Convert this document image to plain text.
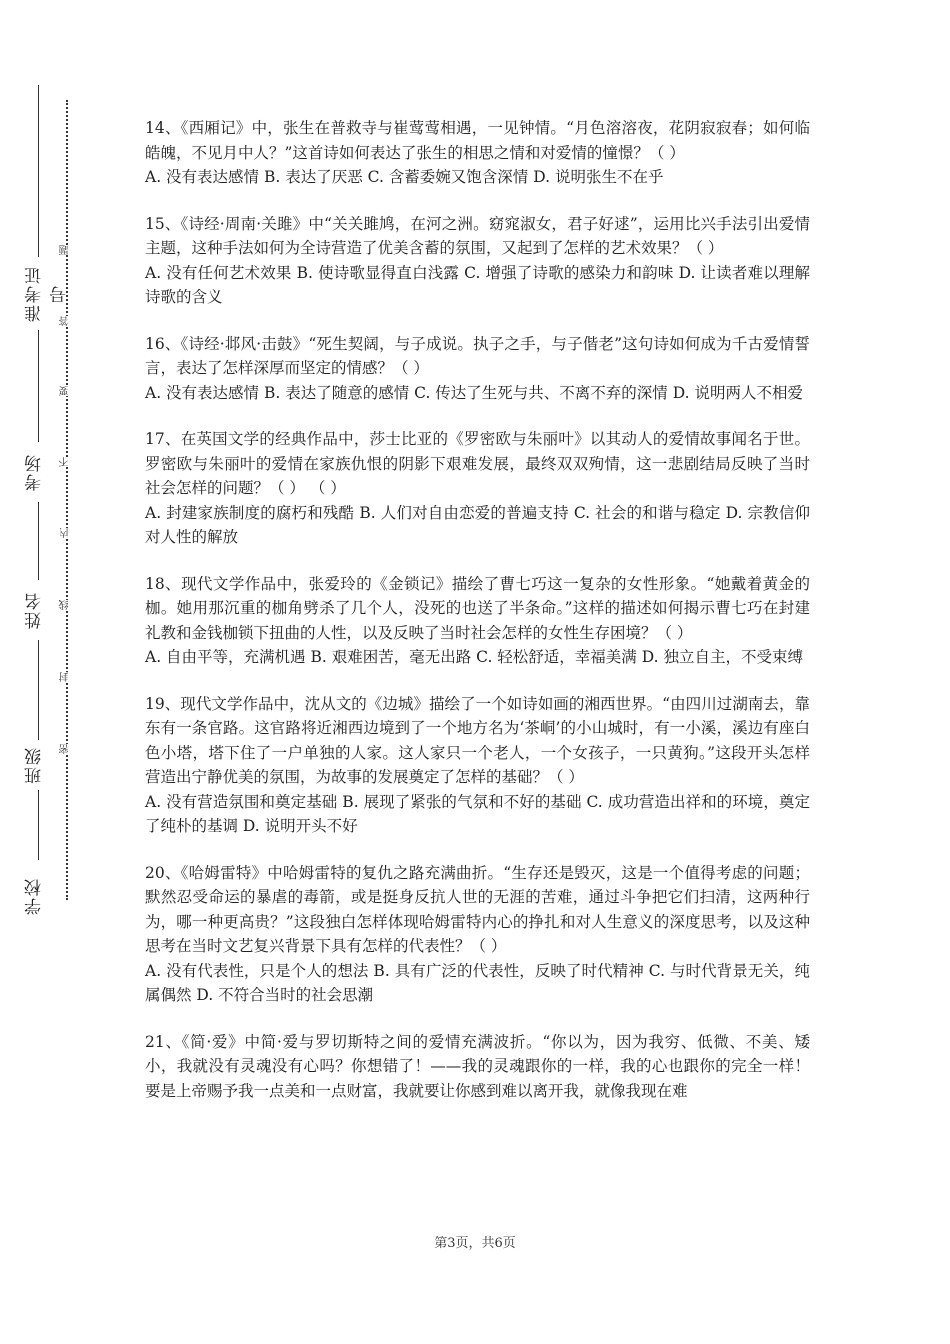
准考证号
考场
姓名
班级
学校
题
答
要
不
内
线
封
密

14、《西厢记》中，张生在普救寺与崔莺莺相遇，一见钟情。“月色溶溶夜，花阴寂寂春；如何临皓魄，不见月中人？”这首诗如何表达了张生的相思之情和对爱情的憧憬？（ ）

A. 没有表达感情 B. 表达了厌恶 C. 含蓄委婉又饱含深情 D. 说明张生不在乎

15、《诗经·周南·关雎》中“关关雎鸠，在河之洲。窈窕淑女，君子好逑”，运用比兴手法引出爱情主题，这种手法如何为全诗营造了优美含蓄的氛围，又起到了怎样的艺术效果？（ ）

A. 没有任何艺术效果 B. 使诗歌显得直白浅露 C. 增强了诗歌的感染力和韵味 D. 让读者难以理解诗歌的含义

16、《诗经·邶风·击鼓》“死生契阔，与子成说。执子之手，与子偕老”这句诗如何成为千古爱情誓言，表达了怎样深厚而坚定的情感？（ ）

A. 没有表达感情 B. 表达了随意的感情 C. 传达了生死与共、不离不弃的深情 D. 说明两人不相爱

17、在英国文学的经典作品中，莎士比亚的《罗密欧与朱丽叶》以其动人的爱情故事闻名于世。罗密欧与朱丽叶的爱情在家族仇恨的阴影下艰难发展，最终双双殉情，这一悲剧结局反映了当时社会怎样的问题？（ ） （ ）

A. 封建家族制度的腐朽和残酷 B. 人们对自由恋爱的普遍支持 C. 社会的和谐与稳定 D. 宗教信仰对人性的解放

18、现代文学作品中，张爱玲的《金锁记》描绘了曹七巧这一复杂的女性形象。“她戴着黄金的枷。她用那沉重的枷角劈杀了几个人，没死的也送了半条命。”这样的描述如何揭示曹七巧在封建礼教和金钱枷锁下扭曲的人性，以及反映了当时社会怎样的女性生存困境？（ ）

A. 自由平等，充满机遇 B. 艰难困苦，毫无出路 C. 轻松舒适，幸福美满 D. 独立自主，不受束缚

19、现代文学作品中，沈从文的《边城》描绘了一个如诗如画的湘西世界。“由四川过湖南去，靠东有一条官路。这官路将近湘西边境到了一个地方名为‘茶峒’的小山城时，有一小溪，溪边有座白色小塔，塔下住了一户单独的人家。这人家只一个老人，一个女孩子，一只黄狗。”这段开头怎样营造出宁静优美的氛围，为故事的发展奠定了怎样的基础？（ ）

A. 没有营造氛围和奠定基础 B. 展现了紧张的气氛和不好的基础 C. 成功营造出祥和的环境，奠定了纯朴的基调 D. 说明开头不好

20、《哈姆雷特》中哈姆雷特的复仇之路充满曲折。“生存还是毁灭，这是一个值得考虑的问题；默然忍受命运的暴虐的毒箭，或是挺身反抗人世的无涯的苦难，通过斗争把它们扫清，这两种行为，哪一种更高贵？”这段独白怎样体现哈姆雷特内心的挣扎和对人生意义的深度思考，以及这种思考在当时文艺复兴背景下具有怎样的代表性？（ ）

A. 没有代表性，只是个人的想法 B. 具有广泛的代表性，反映了时代精神 C. 与时代背景无关，纯属偶然 D. 不符合当时的社会思潮

21、《简·爱》中简·爱与罗切斯特之间的爱情充满波折。“你以为，因为我穷、低微、不美、矮小，我就没有灵魂没有心吗？你想错了！——我的灵魂跟你的一样，我的心也跟你的完全一样！要是上帝赐予我一点美和一点财富，我就要让你感到难以离开我，就像我现在难

第3页，共6页
